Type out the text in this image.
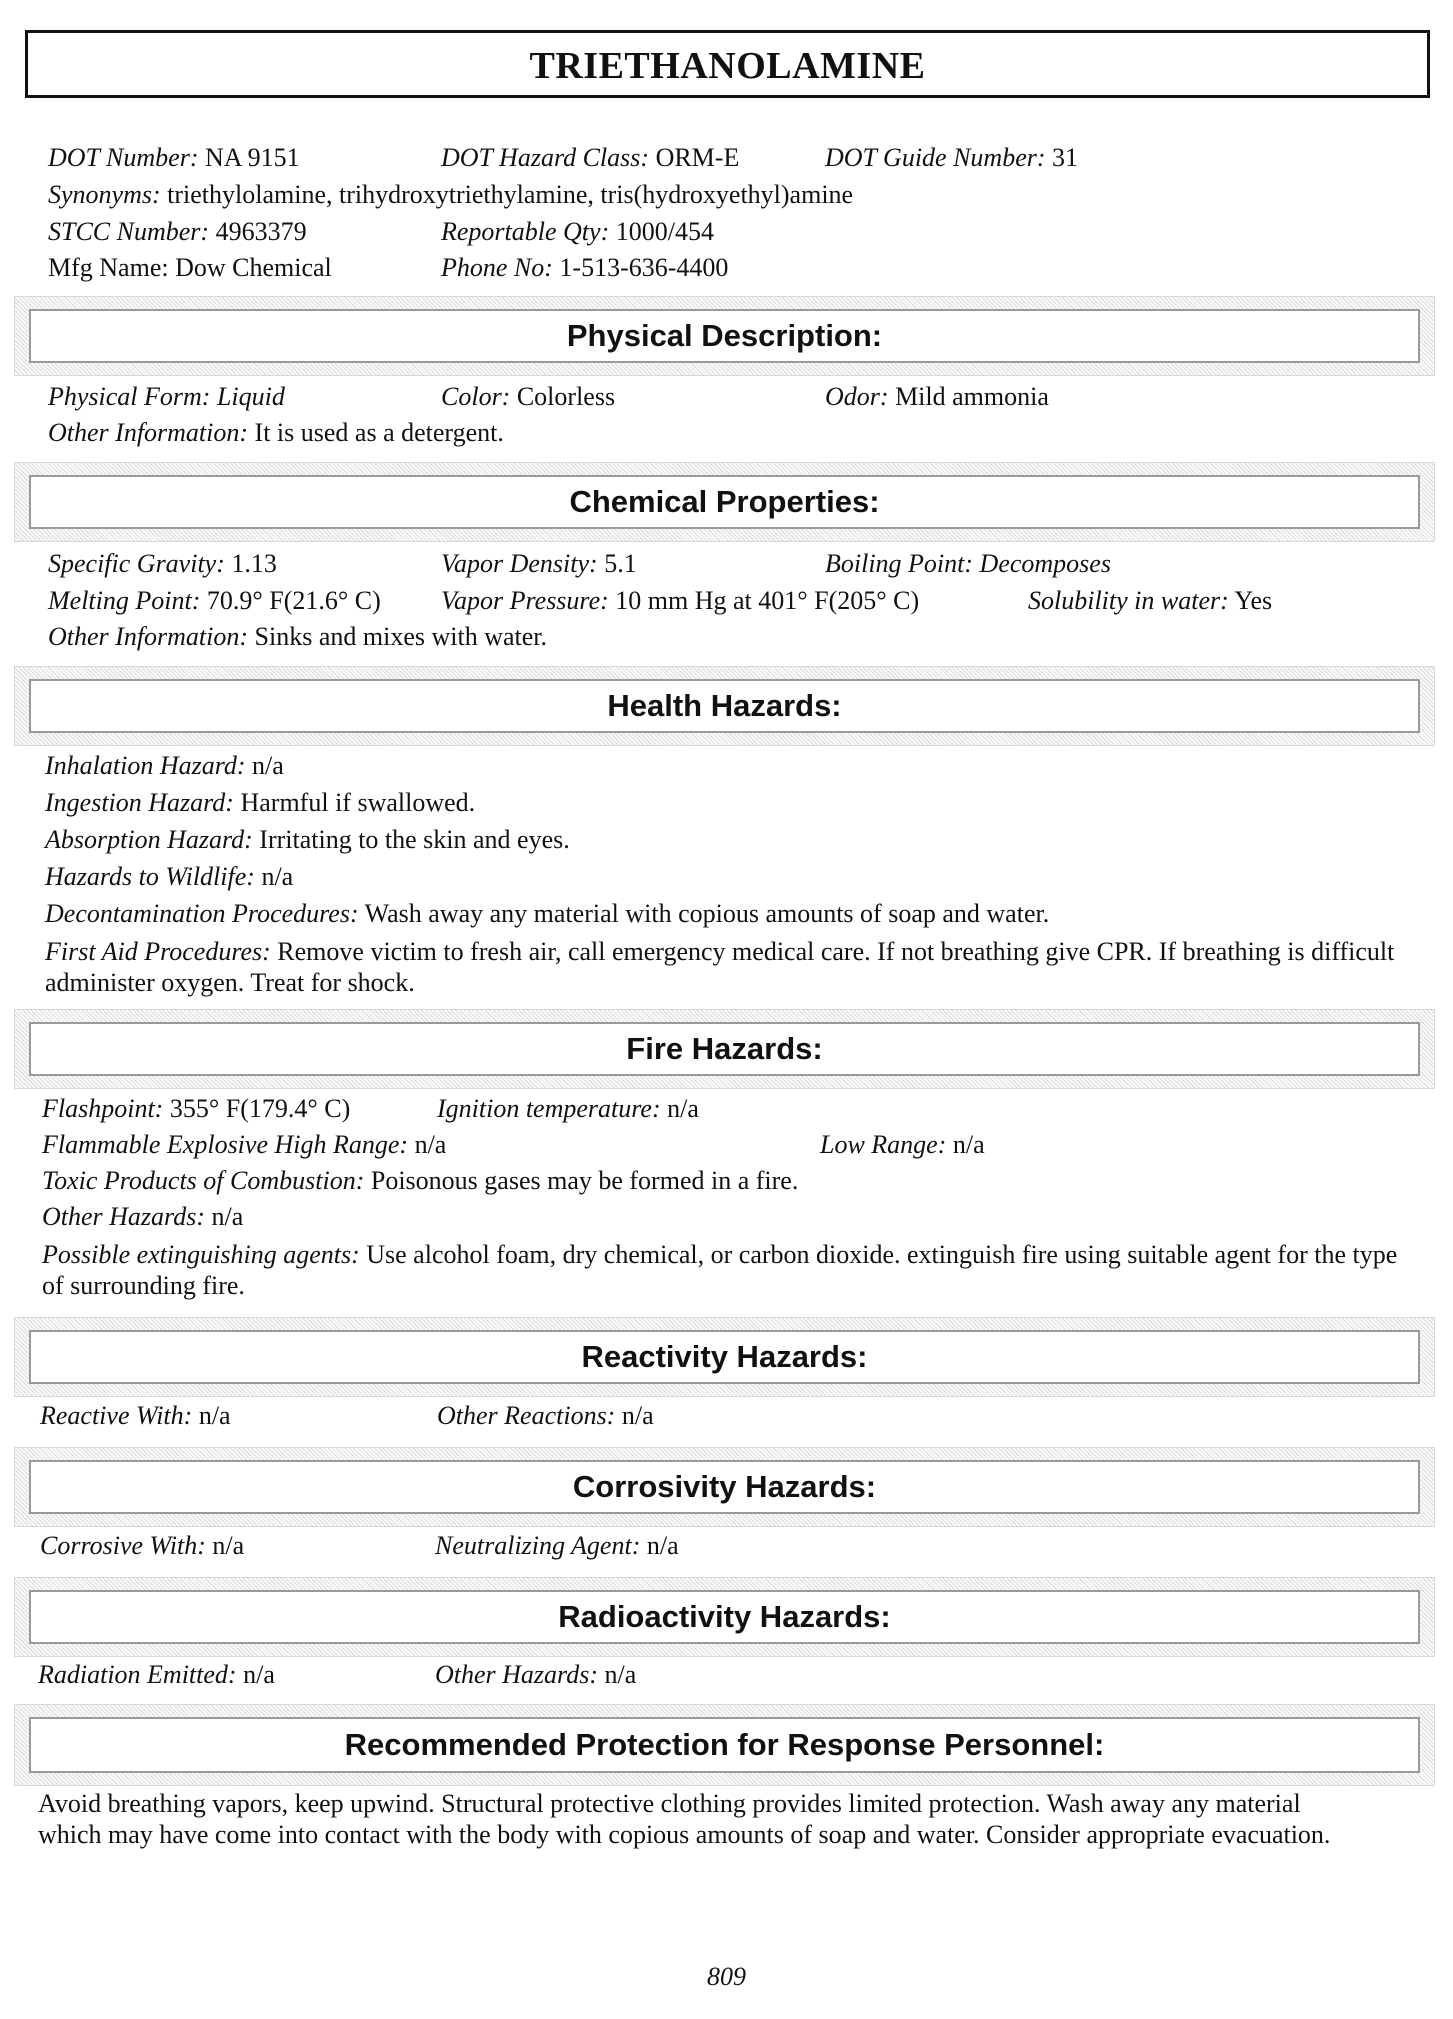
TRIETHANOLAMINE
DOT Number: NA 9151	DOT Hazard Class: ORM-E	DOT Guide Number: 31
Synonyms: triethylolamine, trihydroxytriethylamine, tris(hydroxyethyl)amine
STCC Number: 4963379	Reportable Qty: 1000/454
Mfg Name: Dow Chemical	Phone No: 1-513-636-4400
Physical Description:
Physical Form: Liquid	Color: Colorless	Odor: Mild ammonia
Other Information: It is used as a detergent.
Chemical Properties:
Specific Gravity: 1.13	Vapor Density: 5.1	Boiling Point: Decomposes
Melting Point: 70.9° F(21.6° C) Vapor Pressure: 10 mm Hg at 401° F(205° C)	Solubility in water: Yes
Other Information: Sinks and mixes with water.
Health Hazards:
Inhalation Hazard: n/a
Ingestion Hazard: Harmful if swallowed.
Absorption Hazard: Irritating to the skin and eyes.
Hazards to Wildlife: n/a
Decontamination Procedures: Wash away any material with copious amounts of soap and water.
First Aid Procedures: Remove victim to fresh air, call emergency medical care. If not breathing give CPR. If breathing is difficult administer oxygen. Treat for shock.
Fire Hazards:
Flashpoint: 355° F(179.4° C)	Ignition temperature: n/a
Flammable Explosive High Range: n/a	Low Range: n/a
Toxic Products of Combustion: Poisonous gases may be formed in a fire.
Other Hazards: n/a
Possible extinguishing agents: Use alcohol foam, dry chemical, or carbon dioxide. extinguish fire using suitable agent for the type of surrounding fire.
Reactivity Hazards:
Reactive With: n/a	Other Reactions: n/a
Corrosivity Hazards:
Corrosive With: n/a	Neutralizing Agent: n/a
Radioactivity Hazards:
Radiation Emitted: n/a	Other Hazards: n/a
Recommended Protection for Response Personnel:
Avoid breathing vapors, keep upwind. Structural protective clothing provides limited protection. Wash away any material which may have come into contact with the body with copious amounts of soap and water. Consider appropriate evacuation.
809
